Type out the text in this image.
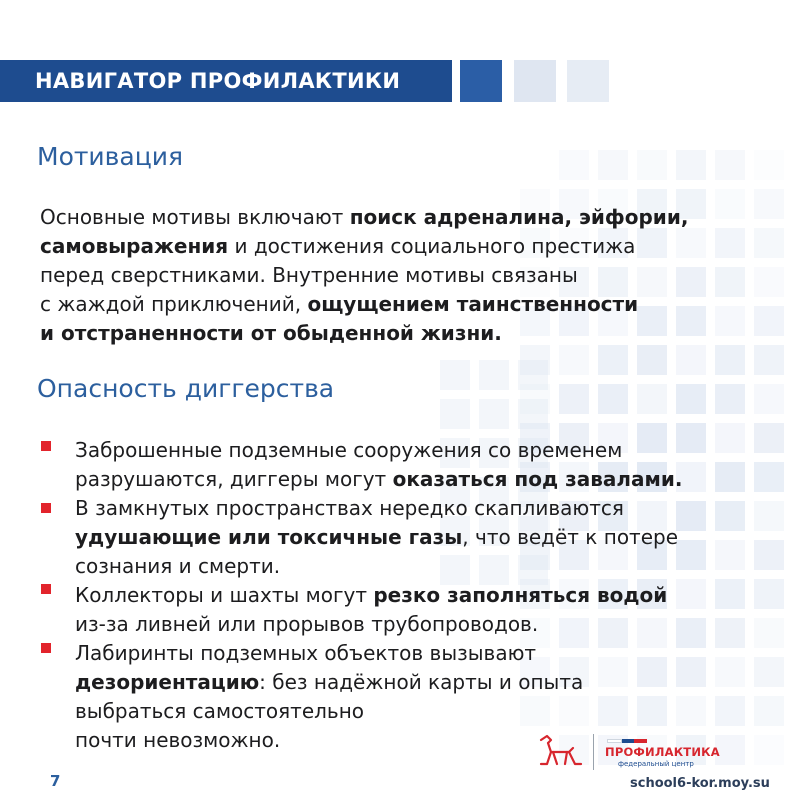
НАВИГАТОР ПРОФИЛАКТИКИ
Мотивация
Основные мотивы включают поиск адреналина, эйфории,
самовыражения и достижения социального престижа
перед сверстниками. Внутренние мотивы связаны
с жаждой приключений, ощущением таинственности
и отстраненности от обыденной жизни.
Опасность диггерства
Заброшенные подземные сооружения со временем
разрушаются, диггеры могут оказаться под завалами.
В замкнутых пространствах нередко скапливаются
удушающие или токсичные газы, что ведёт к потере
сознания и смерти.
Коллекторы и шахты могут резко заполняться водой
из-за ливней или прорывов трубопроводов.
Лабиринты подземных объектов вызывают
дезориентацию: без надёжной карты и опыта
выбраться самостоятельно
почти невозможно.
7
ПРОФИЛАКТИКА
федеральный центр
school6-kor.moy.su
